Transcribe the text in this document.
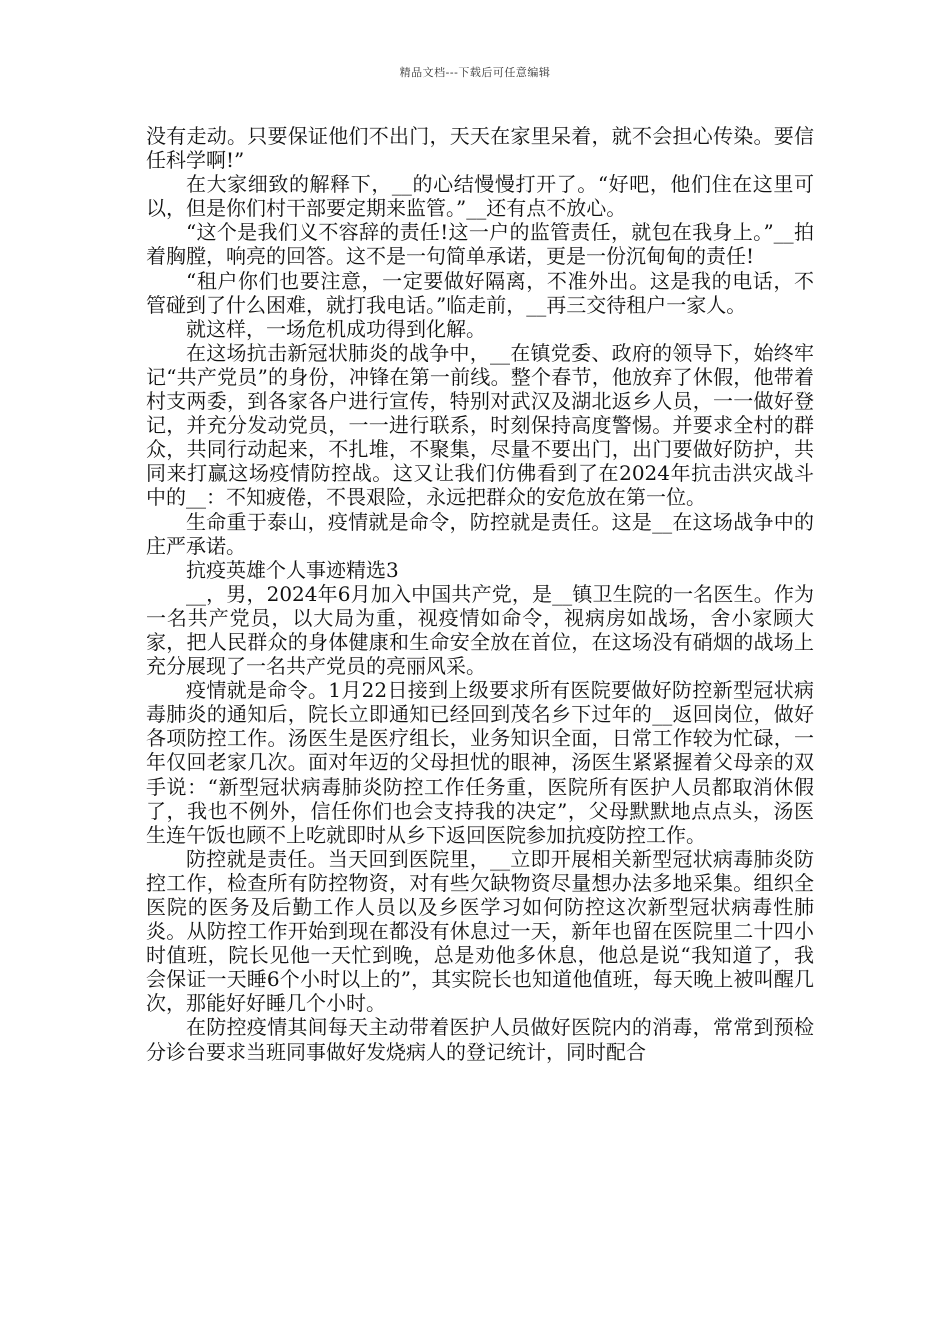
精品文档---下载后可任意编辑

没有走动。只要保证他们不出门，天天在家里呆着，就不会担心传染。要信任科学啊!”

在大家细致的解释下，__的心结慢慢打开了。“好吧，他们住在这里可以，但是你们村干部要定期来监管。”__还有点不放心。

“这个是我们义不容辞的责任!这一户的监管责任，就包在我身上。”__拍着胸膛，响亮的回答。这不是一句简单承诺，更是一份沉甸甸的责任!

“租户你们也要注意，一定要做好隔离，不准外出。这是我的电话，不管碰到了什么困难，就打我电话。”临走前，__再三交待租户一家人。

就这样，一场危机成功得到化解。

在这场抗击新冠状肺炎的战争中，__在镇党委、政府的领导下，始终牢记“共产党员”的身份，冲锋在第一前线。整个春节，他放弃了休假，他带着村支两委，到各家各户进行宣传，特别对武汉及湖北返乡人员，一一做好登记，并充分发动党员，一一进行联系，时刻保持高度警惕。并要求全村的群众，共同行动起来，不扎堆，不聚集，尽量不要出门，出门要做好防护，共同来打赢这场疫情防控战。这又让我们仿佛看到了在2024年抗击洪灾战斗中的__：不知疲倦，不畏艰险，永远把群众的安危放在第一位。

生命重于泰山，疫情就是命令，防控就是责任。这是__在这场战争中的庄严承诺。

抗疫英雄个人事迹精选3

__，男，2024年6月加入中国共产党，是__镇卫生院的一名医生。作为一名共产党员，以大局为重，视疫情如命令，视病房如战场，舍小家顾大家，把人民群众的身体健康和生命安全放在首位，在这场没有硝烟的战场上充分展现了一名共产党员的亮丽风采。

疫情就是命令。1月22日接到上级要求所有医院要做好防控新型冠状病毒肺炎的通知后，院长立即通知已经回到茂名乡下过年的__返回岗位，做好各项防控工作。汤医生是医疗组长，业务知识全面，日常工作较为忙碌，一年仅回老家几次。面对年迈的父母担忧的眼神，汤医生紧紧握着父母亲的双手说：“新型冠状病毒肺炎防控工作任务重，医院所有医护人员都取消休假了，我也不例外，信任你们也会支持我的决定”，父母默默地点点头，汤医生连午饭也顾不上吃就即时从乡下返回医院参加抗疫防控工作。

防控就是责任。当天回到医院里，__立即开展相关新型冠状病毒肺炎防控工作，检查所有防控物资，对有些欠缺物资尽量想办法多地采集。组织全医院的医务及后勤工作人员以及乡医学习如何防控这次新型冠状病毒性肺炎。从防控工作开始到现在都没有休息过一天，新年也留在医院里二十四小时值班，院长见他一天忙到晚，总是劝他多休息，他总是说“我知道了，我会保证一天睡6个小时以上的”，其实院长也知道他值班，每天晚上被叫醒几次，那能好好睡几个小时。

在防控疫情其间每天主动带着医护人员做好医院内的消毒，常常到预检分诊台要求当班同事做好发烧病人的登记统计，同时配合
